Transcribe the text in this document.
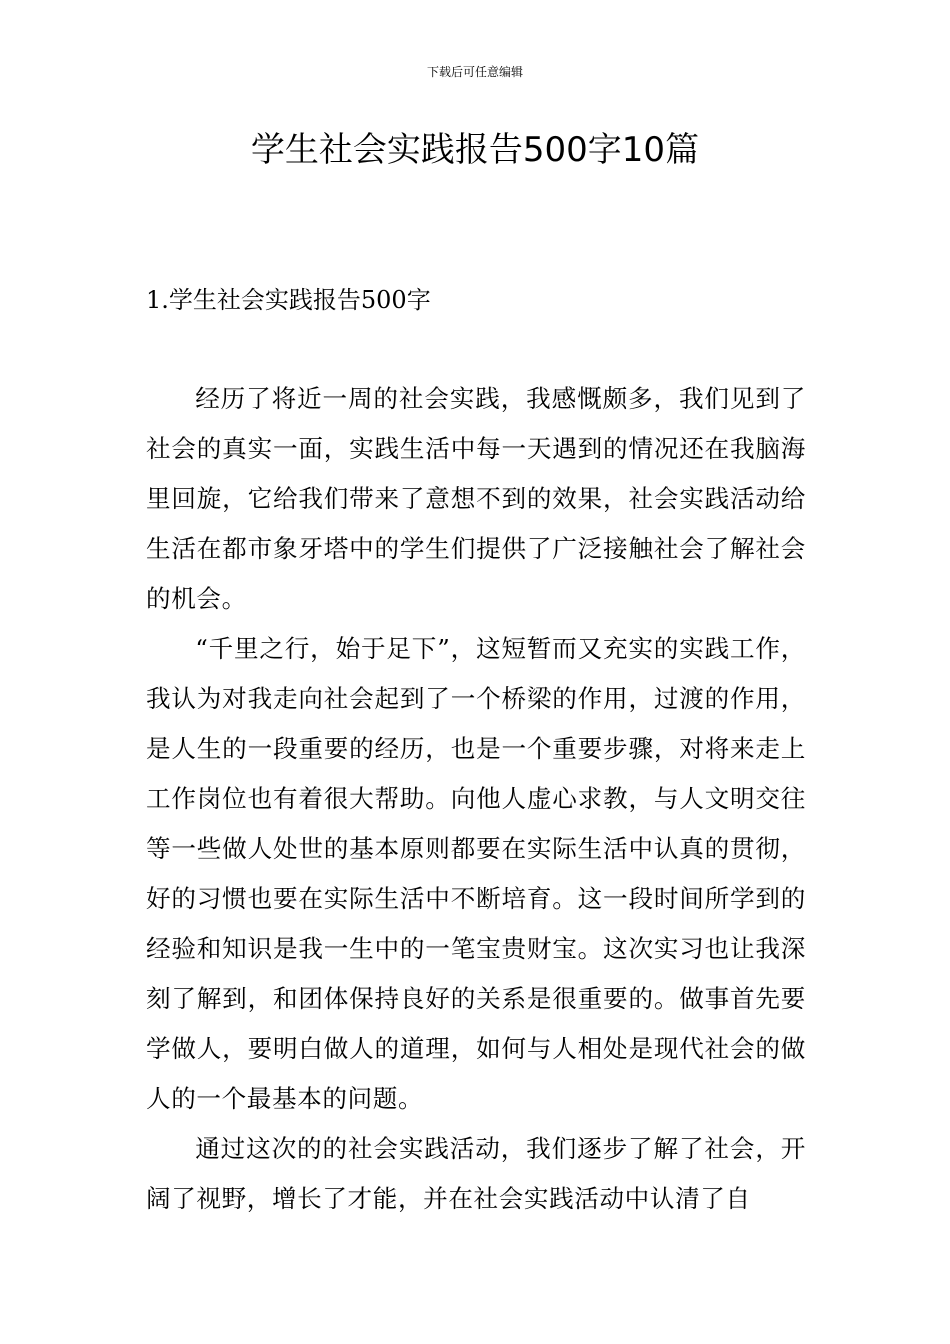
下载后可任意编辑
学生社会实践报告500字10篇
1.学生社会实践报告500字

经历了将近一周的社会实践，我感慨颇多，我们见到了社会的真实一面，实践生活中每一天遇到的情况还在我脑海里回旋，它给我们带来了意想不到的效果，社会实践活动给生活在都市象牙塔中的学生们提供了广泛接触社会了解社会的机会。

“千里之行，始于足下”，这短暂而又充实的实践工作，我认为对我走向社会起到了一个桥梁的作用，过渡的作用，是人生的一段重要的经历，也是一个重要步骤，对将来走上工作岗位也有着很大帮助。向他人虚心求教，与人文明交往等一些做人处世的基本原则都要在实际生活中认真的贯彻，好的习惯也要在实际生活中不断培育。这一段时间所学到的经验和知识是我一生中的一笔宝贵财宝。这次实习也让我深刻了解到，和团体保持良好的关系是很重要的。做事首先要学做人，要明白做人的道理，如何与人相处是现代社会的做人的一个最基本的问题。

通过这次的的社会实践活动，我们逐步了解了社会，开阔了视野，增长了才能，并在社会实践活动中认清了自
